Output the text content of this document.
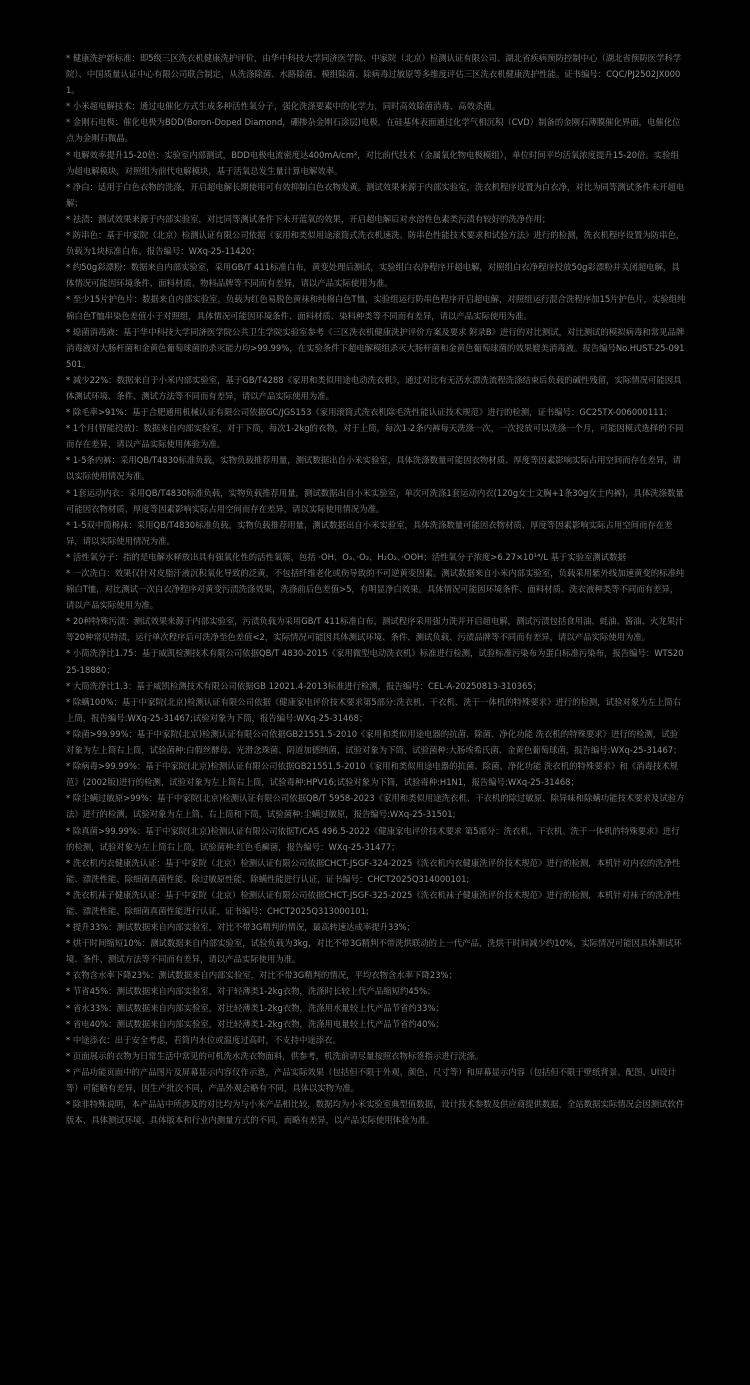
* 健康洗护新标准：即5级三区洗衣机健康洗护评价，由华中科技大学同济医学院、中家院（北京）检测认证有限公司、湖北省疾病预防控制中心（湖北省预防医学科学院）、中国质量认证中心有限公司联合制定，从洗涤除菌、水路除菌、模组除菌、除病毒过敏原等多维度评估三区洗衣机健康洗护性能。证书编号：CQC/PJ2502JX0001。
* 小米超电解技术：通过电催化方式生成多种活性氧分子，强化洗涤要素中的化学力，同时高效除菌消毒、高效杀菌。
* 金刚石电极：催化电极为BDD(Boron-Doped Diamond，硼掺杂金刚石涂层)电极，在硅基体表面通过化学气相沉积（CVD）制备的金刚石薄膜催化界面，电催化位点为金刚石微晶。
* 电解效率提升15-20倍：实验室内部测试，BDD电极电流密度达400mA/cm²，对比前代技术（金属氧化物电极模组），单位时间平均活氧浓度提升15-20倍。实验组为超电解模块，对照组为前代电解模块，基于活氧总发生量计算电解效率。
* 净白：适用于白色衣物的洗涤，开启超电解长期使用可有效抑制白色衣物发黄。测试效果来源于内部实验室，洗衣机程序设置为白衣净，对比为同等测试条件未开超电解；
* 祛渍：测试效果来源于内部实验室，对比同等测试条件下未开蓝氧的效果，开启超电解后对水溶性色素类污渍有较好的洗净作用；
* 防串色：基于中家院（北京）检测认证有限公司依据《家用和类似用途滚筒式洗衣机速洗、防串色性能技术要求和试验方法》进行的检测，洗衣机程序设置为防串色，负载为1块标准白布。报告编号：WXq-25-11420；
* 约50g彩漂粉：数据来自内部实验室，采用GB/T 411标准白布，黄变处理后测试，实验组白衣净程序开超电解，对照组白衣净程序投放50g彩漂粉并关闭超电解，具体情况可能因环境条件、面料材质、物料品牌等不同而有差异，请以产品实际使用为准。
* 至少15片护色片：数据来自内部实验室，负载为红色易脱色黄袜和纯棉白色T恤，实验组运行防串色程序开启超电解，对照组运行混合洗程序加15片护色片，实验组纯棉白色T恤串染色差值小于对照组，具体情况可能因环境条件、面料材质、染料种类等不同而有差异，请以产品实际使用为准。
* 熄菌消毒液：基于华中科技大学同济医学院公共卫生学院实验室参考《三区洗衣机健康洗护评价方案及要求 附录B》进行的对比测试，对比测试的模拟病毒和常见品牌消毒液对大肠杆菌和金黄色葡萄球菌的杀灭能力均>99.99%，在实验条件下超电解模组杀灭大肠杆菌和金黄色葡萄球菌的效果媲美消毒液。报告编号No.HUST-25-091501。
* 减少22%：数据来自于小米内部实验室，基于GB/T4288《家用和类似用途电动洗衣机》，通过对比有无活水漂洗流程洗涤结束后负载的碱性残留，实际情况可能因具体测试环境、条件、测试方法等不同而有差异，请以产品实际使用为准。
* 除毛率>91%：基于合肥通用机械认证有限公司依据GC/JGS153《家用滚筒式洗衣机除毛洗性能认证技术规范》进行的检测，证书编号：GC25TX-006000111；
* 1个月(智能投放)：数据来自内部实验室，对于下筒，每次1-2kg的衣物，对于上筒，每次1-2条内裤每天洗涤一次，一次投放可以洗涤一个月，可能因模式选择的不同而存在差异，请以产品实际使用体验为准。
* 1-5条内裤：采用QB/T4830标准负载，实物负载推荐用量，测试数据出自小米实验室，具体洗涤数量可能因衣物材质、厚度等因素影响实际占用空间而存在差异，请以实际使用情况为准。
* 1套运动内衣：采用QB/T4830标准负载，实物负载推荐用量，测试数据出自小米实验室，单次可洗涤1套运动内衣(120g女士文胸+1条30g女士内裤)，具体洗涤数量可能因衣物材质、厚度等因素影响实际占用空间而存在差异，请以实际使用情况为准。
* 1-5双中筒棉袜：采用QB/T4830标准负载，实物负载推荐用量，测试数据出自小米实验室，具体洗涤数量可能因衣物材质、厚度等因素影响实际占用空间而存在差异，请以实际使用情况为准。
* 活性氧分子：指的是电解水释放出具有强氧化性的活性氧簇，包括 ·OH、O₃、·O₂、H₂O₂、·OOH；活性氧分子浓度>6.27×10¹⁴/L 基于实验室测试数据
* 一次洗白：效果仅针对皮脂汗液沉积氧化导致的泛黄，不包括纤维老化或伤导致的不可逆黄变因素。测试数据来自小米内部实验室，负载采用紫外线加速黄变的标准纯棉白T恤，对比测试一次白衣净程序对黄变污渍洗涤效果，洗涤前后色差值>5，有明显净白效果。具体情况可能因环境条件、面料材质、洗衣液种类等不同而有差异，请以产品实际使用为准。
* 20种特殊污渍：测试效果来源于内部实验室，污渍负载为采用GB/T 411标准白布，测试程序采用强力洗并开启超电解，测试污渍包括食用油、蚝油、酱油、火龙果汁等20种常见特渍，运行单次程序后可洗净至色差值<2，实际情况可能因具体测试环境、条件、测试负载、污渍品牌等不同而有差异，请以产品实际使用为准。
* 小筒洗净比1.75：基于威凯检测技术有限公司依据QB/T 4830-2015《家用微型电动洗衣机》标准进行检测，试验标准污染布为蛋白标准污染布，报告编号：WTS2025-18880；
* 大筒洗净比1.3：基于威凯检测技术有限公司依据GB 12021.4-2013标准进行检测，报告编号：CEL-A-20250813-310365；
* 除螨100%：基于中家院(北京)检测认证有限公司依据《健康家电评价技术要求第5部分:洗衣机、干衣机、洗干一体机的特殊要求》进行的检测，试验对象为左上筒右上筒，报告编号:WXq-25-31467;试验对象为下筒，报告编号:WXq-25-31468；
* 除菌>99.99%：基于中家院(北京)检测认证有限公司依据GB21551.5-2010《家用和类似用途电器的抗菌、除菌、净化功能 洗衣机的特殊要求》进行的检测，试验对象为左上筒右上筒，试验菌种:白假丝酵母、光滑念珠菌、阴道加德纳菌，试验对象为下筒，试验菌种:大肠埃希氏菌、金黄色葡萄球菌，报告编号:WXq-25-31467；
* 除病毒>99.99%：基于中家院(北京)检测认证有限公司依据GB21551.5-2010《家用和类似用途电器的抗菌、除菌、净化功能 洗衣机的特殊要求》和《消毒技术规范》(2002版)进行的检测，试验对象为左上筒右上筒，试验毒种:HPV16;试验对象为下筒，试验毒种:H1N1，报告编号:WXq-25-31468；
* 除尘螨过敏原>99%：基于中家院(北京)检测认证有限公司依据QB/T 5958-2023《家用和类似用途洗衣机、干衣机的除过敏原、除异味和除螨功能技术要求及试验方法》进行的检测，试验对象为左上筒、右上筒和下筒，试验菌种:尘螨过敏原，报告编号:WXq-25-31501;
* 除真菌>99.99%：基于中家院(北京)检测认证有限公司依据T/CAS 496.5-2022《健康家电评价技术要求 第5部分：洗衣机、干衣机、洗干一体机的特殊要求》进行的检测，试验对象为左上筒右上筒，试验菌种:红色毛癣菌，报告编号：WXq-25-31477；
* 洗衣机内衣健康洗认证：基于中家院（北京）检测认证有限公司依据CHCT-JSGF-324-2025《洗衣机内衣健康洗评价技术规范》进行的检测，本机针对内衣的洗净性能、漂洗性能、除细菌真菌性能、除过敏原性能、除螨性能进行认证，证书编号：CHCT2025Q314000101;
* 洗衣机袜子健康洗认证：基于中家院（北京）检测认证有限公司依据CHCT-JSGF-325-2025《洗衣机袜子健康洗评价技术规范》进行的检测，本机针对袜子的洗净性能、漂洗性能、除细菌真菌性能进行认证，证书编号：CHCT2025Q313000101;
* 提升33%：测试数据来自内部实验室，对比不带3G精判的情况，最高转速达成率提升33%；
* 烘干时间缩短10%：测试数据来自内部实验室，试验负载为3kg，对比不带3G精判不带洗烘联动的上一代产品，洗烘干时间减少约10%，实际情况可能因具体测试环境、条件、测试方法等不同而有差异，请以产品实际使用为准。
* 衣物含水率下降23%：测试数据来自内部实验室，对比不带3G精判的情况，平均衣物含水率下降23%；
* 节省45%：测试数据来自内部实验室，对于轻薄类1-2kg衣物，洗涤时长较上代产品缩短约45%；
* 省水33%：测试数据来自内部实验室，对比轻薄类1-2kg衣物，洗涤用水量较上代产品节省约33%；
* 省电40%：测试数据来自内部实验室，对比轻薄类1-2kg衣物，洗涤用电量较上代产品节省约40%；
* 中途添衣：出于安全考虑，若筒内水位或温度过高时，不支持中途添衣。
* 页面展示的衣物为日常生活中常见的可机洗水洗衣物面料，供参考，机洗前请尽量按照衣物标签指示进行洗涤。
* 产品功能页面中的产品图片及屏幕显示内容仅作示意，产品实际效果（包括但不限于外观、颜色、尺寸等）和屏幕显示内容（包括但不限于壁纸背景、配图、UI设计等）可能略有差异，因生产批次不同，产品外观会略有不同，具体以实物为准。
* 除非特殊说明，本产品站中所涉及的对比均为与小米产品相比较，数据均为小米实验室典型值数据，设计技术参数及供应商提供数据，全站数据实际情况会因测试软件版本、具体测试环境、具体版本和行业内测量方式的不同，而略有差异，以产品实际使用体验为准。
